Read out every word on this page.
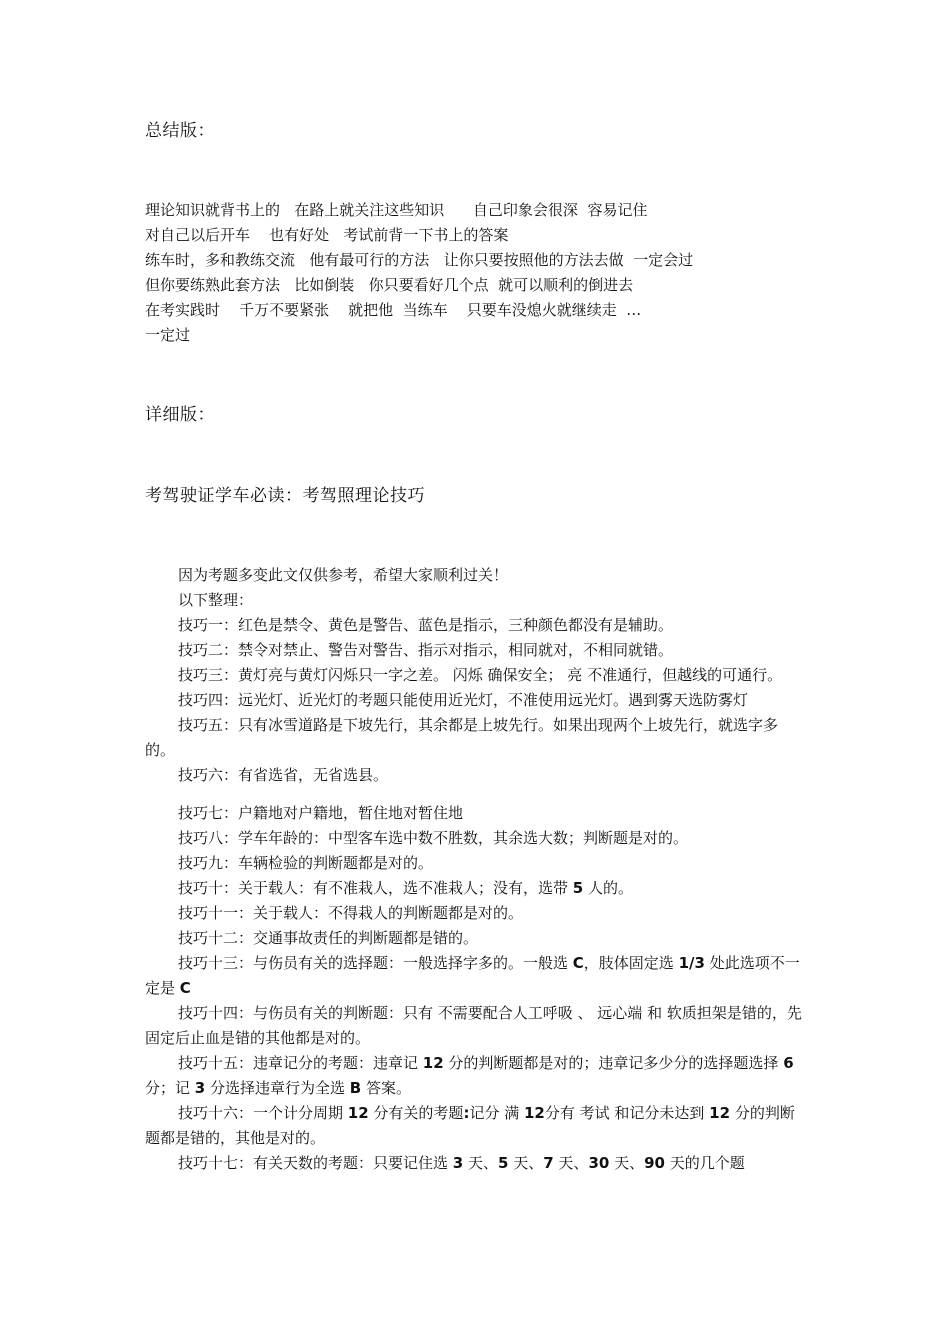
总结版：
理论知识就背书上的   在路上就关注这些知识      自己印象会很深  容易记住
对自己以后开车    也有好处   考试前背一下书上的答案
练车时，多和教练交流   他有最可行的方法   让你只要按照他的方法去做  一定会过
但你要练熟此套方法   比如倒装   你只要看好几个点  就可以顺利的倒进去
在考实践时    千万不要紧张    就把他  当练车    只要车没熄火就继续走  …
一定过
详细版：
考驾驶证学车必读：考驾照理论技巧

因为考题多变此文仅供参考，希望大家顺利过关！

以下整理：

技巧一：红色是禁令、黄色是警告、蓝色是指示，三种颜色都没有是辅助。

技巧二：禁令对禁止、警告对警告、指示对指示，相同就对，不相同就错。

技巧三：黄灯亮与黄灯闪烁只一字之差。 闪烁 确保安全； 亮 不准通行，但越线的可通行。

技巧四：远光灯、近光灯的考题只能使用近光灯，不准使用远光灯。遇到雾天选防雾灯

技巧五：只有冰雪道路是下坡先行，其余都是上坡先行。如果出现两个上坡先行，就选字多的。

技巧六：有省选省，无省选县。

技巧七：户籍地对户籍地，暂住地对暂住地

技巧八：学车年龄的：中型客车选中数不胜数，其余选大数；判断题是对的。

技巧九：车辆检验的判断题都是对的。

技巧十：关于载人：有不准栽人，选不准栽人；没有，选带 5 人的。

技巧十一：关于载人：不得栽人的判断题都是对的。

技巧十二：交通事故责任的判断题都是错的。

技巧十三：与伤员有关的选择题：一般选择字多的。一般选 C，肢体固定选 1/3 处此选项不一定是 C

技巧十四：与伤员有关的判断题：只有 不需要配合人工呼吸 、 远心端 和 软质担架是错的，先固定后止血是错的其他都是对的。

技巧十五：违章记分的考题：违章记 12 分的判断题都是对的；违章记多少分的选择题选择 6 分；记 3 分选择违章行为全选 B 答案。

技巧十六：一个计分周期 12 分有关的考题:记分 满 12分有 考试 和记分未达到 12 分的判断题都是错的，其他是对的。

技巧十七：有关天数的考题：只要记住选 3 天、5 天、7 天、30 天、90 天的几个题
